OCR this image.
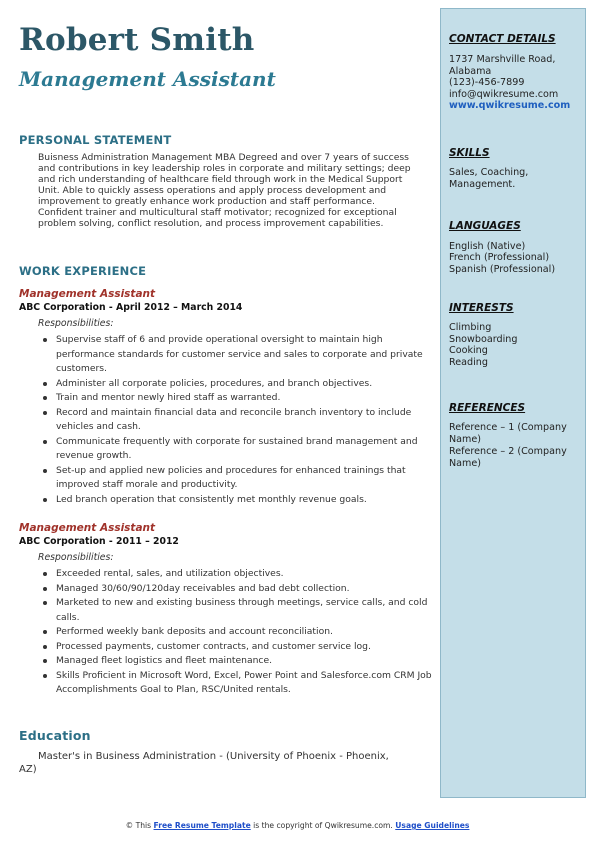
Robert Smith
Management Assistant
PERSONAL STATEMENT
Buisness Administration Management MBA Degreed and over 7 years of success and contributions in key leadership roles in corporate and military settings; deep and rich understanding of healthcare field through work in the Medical Support Unit. Able to quickly assess operations and apply process development and improvement to greatly enhance work production and staff performance. Confident trainer and multicultural staff motivator; recognized for exceptional problem solving, conflict resolution, and process improvement capabilities.
WORK EXPERIENCE
Management Assistant
ABC Corporation - April 2012 – March 2014
Responsibilities:
Supervise staff of 6 and provide operational oversight to maintain high performance standards for customer service and sales to corporate and private customers.
Administer all corporate policies, procedures, and branch objectives.
Train and mentor newly hired staff as warranted.
Record and maintain financial data and reconcile branch inventory to include vehicles and cash.
Communicate frequently with corporate for sustained brand management and revenue growth.
Set-up and applied new policies and procedures for enhanced trainings that improved staff morale and productivity.
Led branch operation that consistently met monthly revenue goals.
Management Assistant
ABC Corporation - 2011 – 2012
Responsibilities:
Exceeded rental, sales, and utilization objectives.
Managed 30/60/90/120day receivables and bad debt collection.
Marketed to new and existing business through meetings, service calls, and cold calls.
Performed weekly bank deposits and account reconciliation.
Processed payments, customer contracts, and customer service log.
Managed fleet logistics and fleet maintenance.
Skills Proficient in Microsoft Word, Excel, Power Point and Salesforce.com CRM Job Accomplishments Goal to Plan, RSC/United rentals.
Education
Master's in Business Administration - (University of Phoenix - Phoenix, AZ)
CONTACT DETAILS
1737 Marshville Road, Alabama
(123)-456-7899
info@qwikresume.com
www.qwikresume.com
SKILLS
Sales, Coaching, Management.
LANGUAGES
English (Native)
French (Professional)
Spanish (Professional)
INTERESTS
Climbing
Snowboarding
Cooking
Reading
REFERENCES
Reference – 1 (Company Name)
Reference – 2 (Company Name)
© This Free Resume Template is the copyright of Qwikresume.com. Usage Guidelines
